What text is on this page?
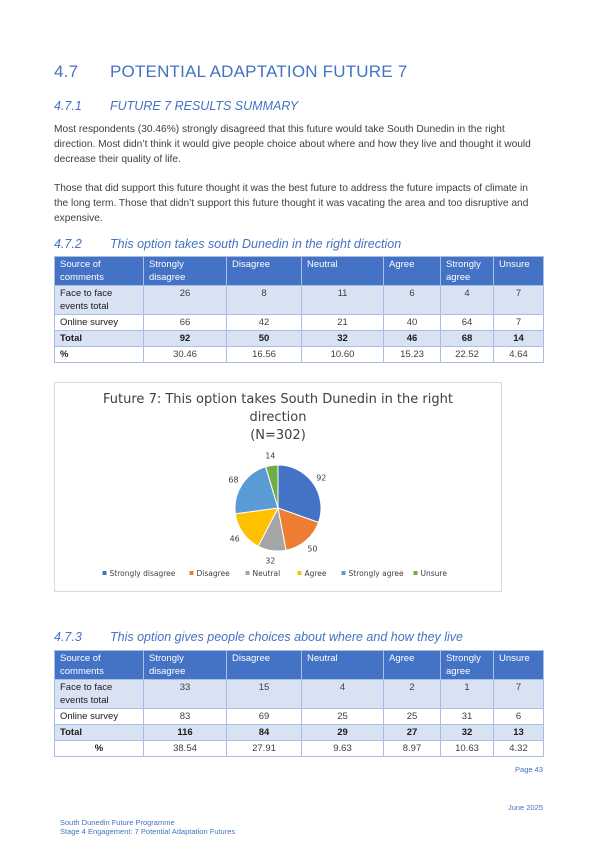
4.7 POTENTIAL ADAPTATION FUTURE 7
4.7.1 FUTURE 7 RESULTS SUMMARY
Most respondents (30.46%) strongly disagreed that this future would take South Dunedin in the right direction. Most didn’t think it would give people choice about where and how they live and thought it would decrease their quality of life.
Those that did support this future thought it was the best future to address the future impacts of climate in the long term. Those that didn’t support this future thought it was vacating the area and too disruptive and expensive.
4.7.2 This option takes south Dunedin in the right direction
Source of comments	Strongly disagree	Disagree	Neutral	Agree	Strongly agree	Unsure
Face to face events total	26	8	11	6	4	7
Online survey	66	42	21	40	64	7
Total	92	50	32	46	68	14
%	30.46	16.56	10.60	15.23	22.52	4.64
Future 7: This option takes South Dunedin in the right
direction
(N=302)
92
50
32
46
68
14
Strongly disagree	Disagree	Neutral	Agree	Strongly agree Unsure
4.7.3 This option gives people choices about where and how they live
Source of comments	Strongly disagree	Disagree	Neutral	Agree	Strongly agree	Unsure
Face to face events total	33	15	4	2	1	7
Online survey	83	69	25	25	31	6
Total	116	84	29	27	32	13
%	38.54	27.91	9.63	8.97	10.63	4.32
Page 43
June 2025
South Dunedin Future Programme
Stage 4 Engagement: 7 Potential Adaptation Futures
